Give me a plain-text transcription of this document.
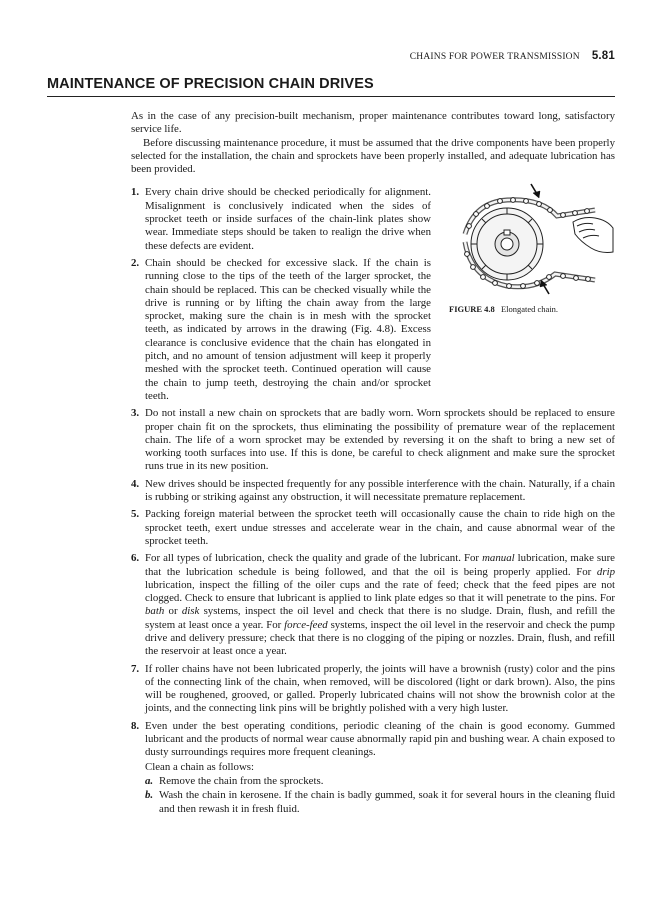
CHAINS FOR POWER TRANSMISSION 5.81
MAINTENANCE OF PRECISION CHAIN DRIVES

As in the case of any precision-built mechanism, proper maintenance contributes toward long, satisfactory service life.

Before discussing maintenance procedure, it must be assumed that the drive components have been properly selected for the installation, the chain and sprockets have been properly installed, and adequate lubrication has been provided.

FIGURE 4.8 Elongated chain.
1. Every chain drive should be checked periodically for alignment. Misalignment is conclusively indicated when the sides of sprocket teeth or inside surfaces of the chain-link plates show wear. Immediate steps should be taken to realign the drive when these defects are evident.
2. Chain should be checked for excessive slack. If the chain is running close to the tips of the teeth of the larger sprocket, the chain should be replaced. This can be checked visually while the drive is running or by lifting the chain away from the large sprocket, making sure the chain is in mesh with the sprocket teeth, as indicated by arrows in the drawing (Fig. 4.8). Excess clearance is conclusive evidence that the chain has elongated in pitch, and no amount of tension adjustment will keep it properly meshed with the sprocket teeth. Continued operation will cause the chain to jump teeth, destroying the chain and/or sprocket teeth.
3. Do not install a new chain on sprockets that are badly worn. Worn sprockets should be replaced to ensure proper chain fit on the sprockets, thus eliminating the possibility of premature wear of the replacement chain. The life of a worn sprocket may be extended by reversing it on the shaft to bring a new set of working tooth surfaces into use. If this is done, be careful to check alignment and make sure the sprocket runs true in its new position.
4. New drives should be inspected frequently for any possible interference with the chain. Naturally, if a chain is rubbing or striking against any obstruction, it will necessitate premature replacement.
5. Packing foreign material between the sprocket teeth will occasionally cause the chain to ride high on the sprocket teeth, exert undue stresses and accelerate wear in the chain, and cause abnormal wear of the sprocket teeth.
6. For all types of lubrication, check the quality and grade of the lubricant. For manual lubrication, make sure that the lubrication schedule is being followed, and that the oil is being properly applied. For drip lubrication, inspect the filling of the oiler cups and the rate of feed; check that the feed pipes are not clogged. Check to ensure that lubricant is applied to link plate edges so that it will penetrate to the pins. For bath or disk systems, inspect the oil level and check that there is no sludge. Drain, flush, and refill the system at least once a year. For force-feed systems, inspect the oil level in the reservoir and check the pump drive and delivery pressure; check that there is no clogging of the piping or nozzles. Drain, flush, and refill the reservoir at least once a year.
7. If roller chains have not been lubricated properly, the joints will have a brownish (rusty) color and the pins of the connecting link of the chain, when removed, will be discolored (light or dark brown). Also, the pins will be roughened, grooved, or galled. Properly lubricated chains will not show the brownish color at the joints, and the connecting link pins will be brightly polished with a very high luster.
8. Even under the best operating conditions, periodic cleaning of the chain is good economy. Gummed lubricant and the products of normal wear cause abnormally rapid pin and bushing wear. A chain exposed to dusty surroundings requires more frequent cleanings.

Clean a chain as follows:

a. Remove the chain from the sprockets.
b. Wash the chain in kerosene. If the chain is badly gummed, soak it for several hours in the cleaning fluid and then rewash it in fresh fluid.
